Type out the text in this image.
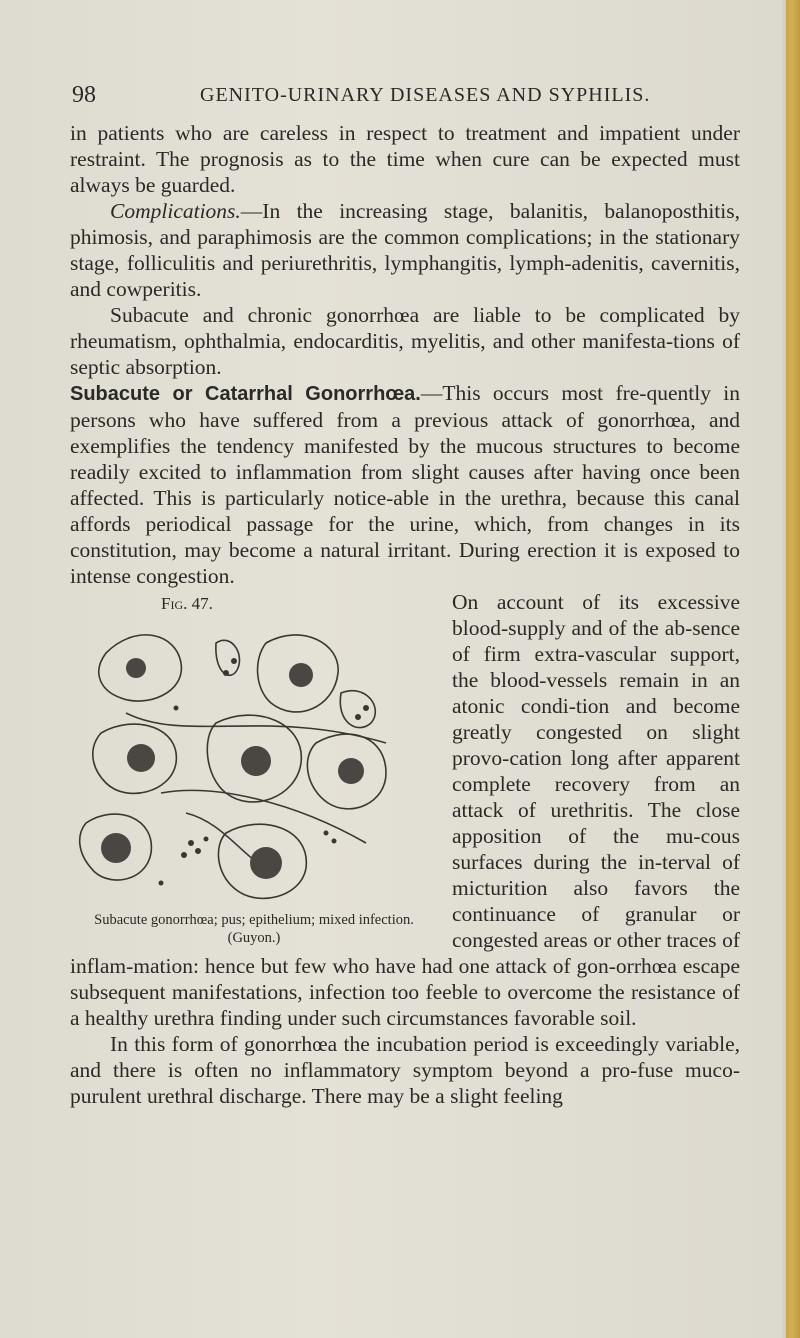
98	GENITO-URINARY DISEASES AND SYPHILIS.

in patients who are careless in respect to treatment and impatient under restraint. The prognosis as to the time when cure can be expected must always be guarded.

Complications.—In the increasing stage, balanitis, balanoposthitis, phimosis, and paraphimosis are the common complications; in the stationary stage, folliculitis and periurethritis, lymphangitis, lymph-adenitis, cavernitis, and cowperitis.

Subacute and chronic gonorrhœa are liable to be complicated by rheumatism, ophthalmia, endocarditis, myelitis, and other manifesta-tions of septic absorption.

Subacute or Catarrhal Gonorrhœa.—This occurs most fre-quently in persons who have suffered from a previous attack of gonorrhœa, and exemplifies the tendency manifested by the mucous structures to become readily excited to inflammation from slight causes after having once been affected. This is particularly notice-able in the urethra, because this canal affords periodical passage for the urine, which, from changes in its constitution, may become a natural irritant. During erection it is exposed to intense congestion.

Fig. 47.
Subacute gonorrhœa; pus; epithelium; mixed infection. (Guyon.)

On account of its excessive blood-supply and of the ab-sence of firm extra-vascular support, the blood-vessels remain in an atonic condi-tion and become greatly congested on slight provo-cation long after apparent complete recovery from an attack of urethritis. The close apposition of the mu-cous surfaces during the in-terval of micturition also favors the continuance of granular or congested areas or other traces of inflam-mation: hence but few who have had one attack of gon-orrhœa escape subsequent manifestations, infection too feeble to overcome the resistance of a healthy urethra finding under such circumstances favorable soil.

In this form of gonorrhœa the incubation period is exceedingly variable, and there is often no inflammatory symptom beyond a pro-fuse muco-purulent urethral discharge. There may be a slight feeling
